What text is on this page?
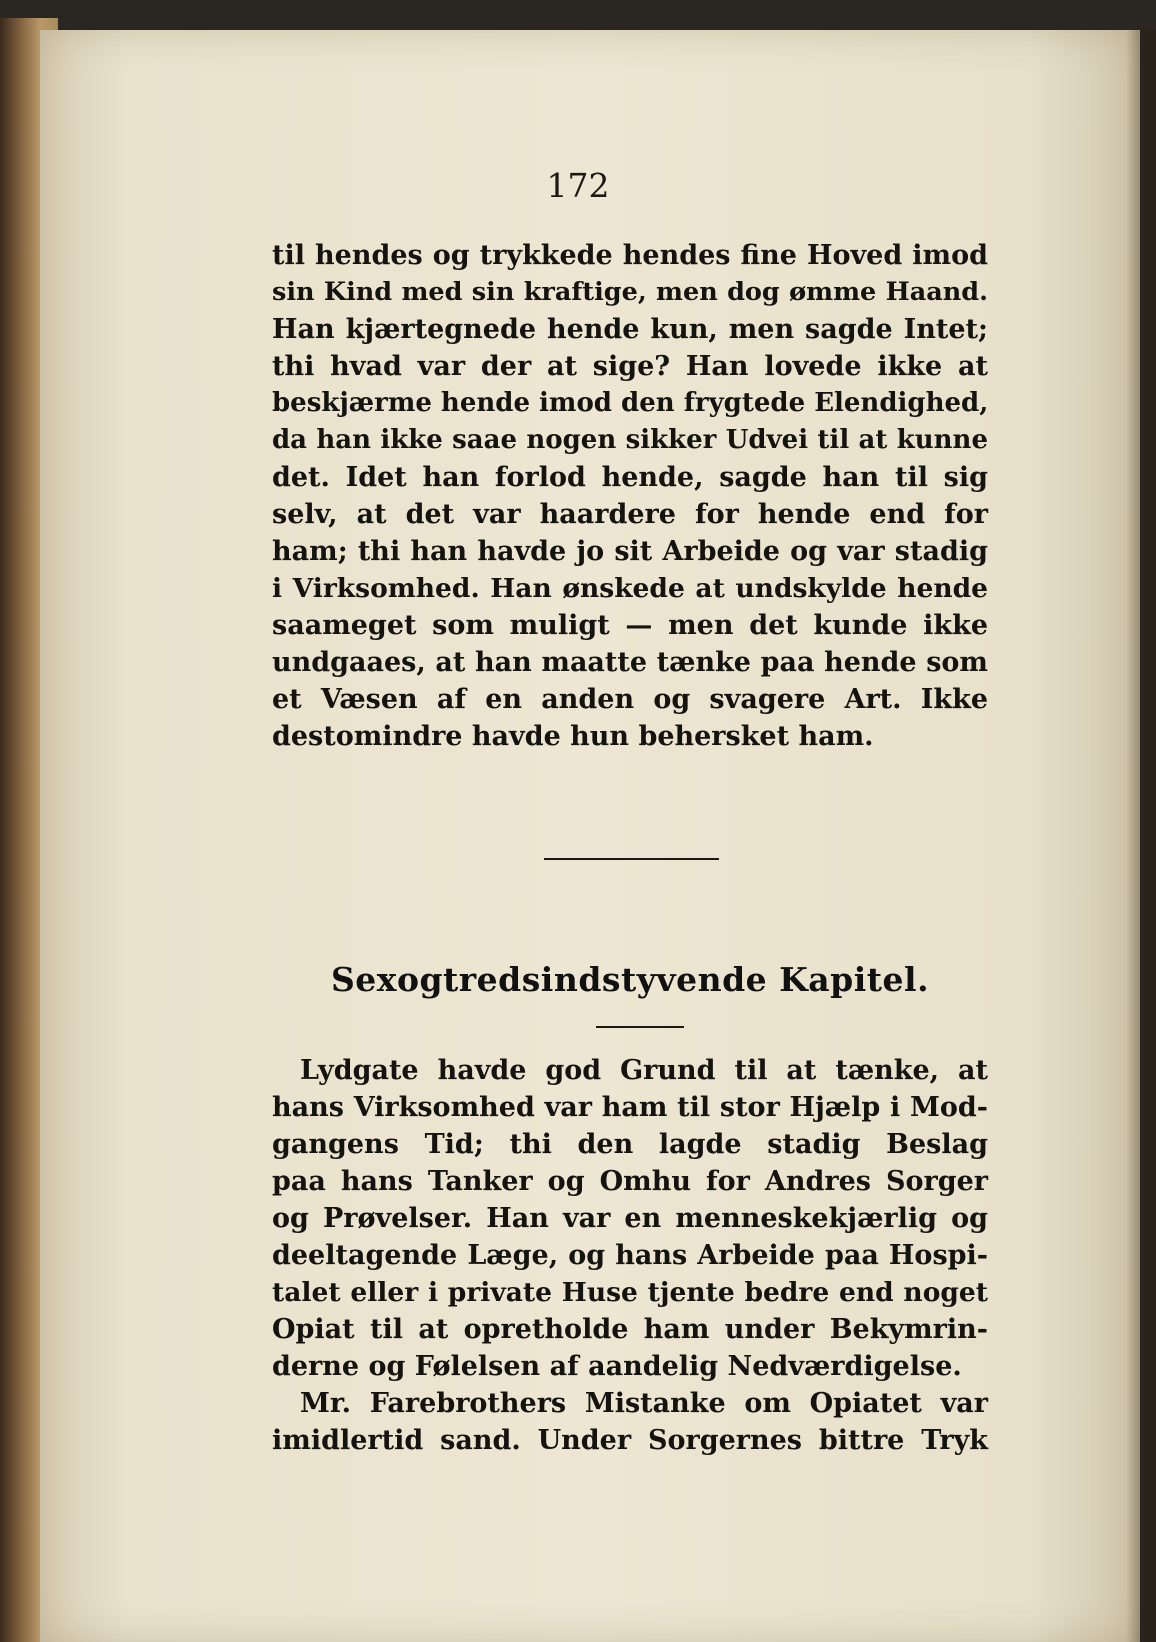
172
til hendes og trykkede hendes fine Hoved imod
sin Kind med sin kraftige, men dog ømme Haand.
Han kjærtegnede hende kun, men sagde Intet;
thi hvad var der at sige? Han lovede ikke at
beskjærme hende imod den frygtede Elendighed,
da han ikke saae nogen sikker Udvei til at kunne
det. Idet han forlod hende, sagde han til sig
selv, at det var haardere for hende end for
ham; thi han havde jo sit Arbeide og var stadig
i Virksomhed. Han ønskede at undskylde hende
saameget som muligt — men det kunde ikke
undgaaes, at han maatte tænke paa hende som
et Væsen af en anden og svagere Art. Ikke
destomindre havde hun behersket ham.
Sexogtredsindstyvende Kapitel.
Lydgate havde god Grund til at tænke, at
hans Virksomhed var ham til stor Hjælp i Mod-
gangens Tid; thi den lagde stadig Beslag
paa hans Tanker og Omhu for Andres Sorger
og Prøvelser. Han var en menneskekjærlig og
deeltagende Læge, og hans Arbeide paa Hospi-
talet eller i private Huse tjente bedre end noget
Opiat til at opretholde ham under Bekymrin-
derne og Følelsen af aandelig Nedværdigelse.
Mr. Farebrothers Mistanke om Opiatet var
imidlertid sand. Under Sorgernes bittre Tryk
